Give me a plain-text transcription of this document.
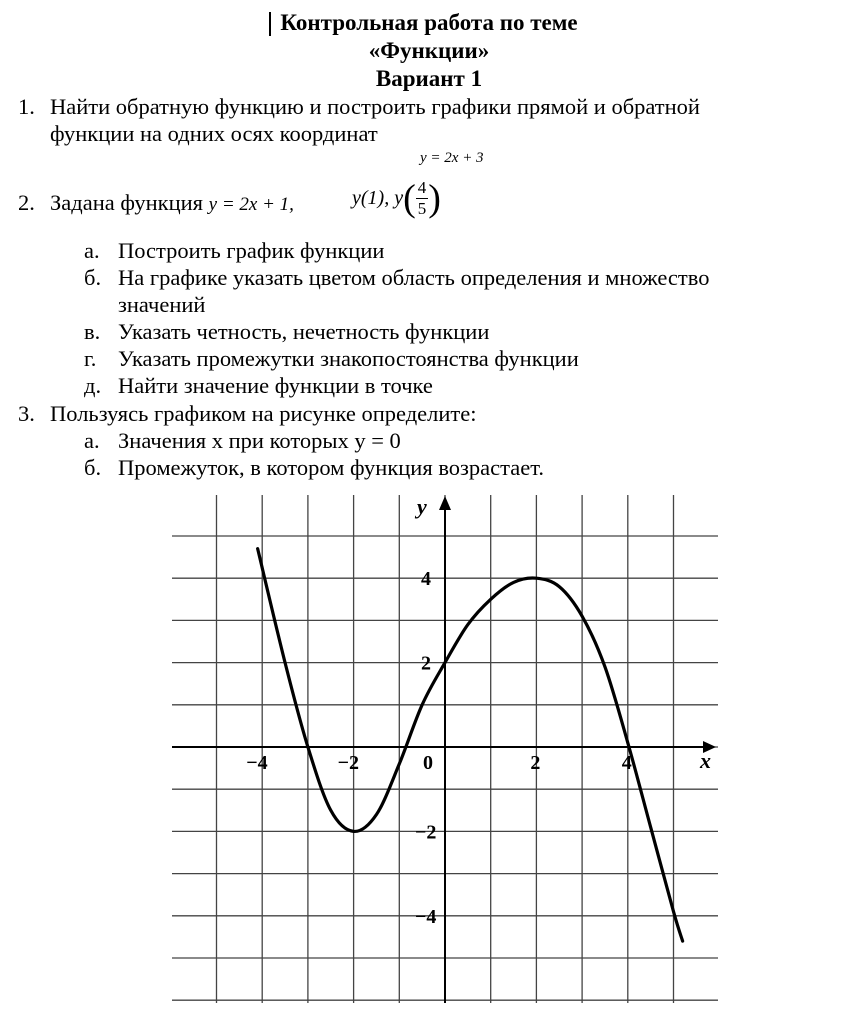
Контрольная работа по теме
«Функции»
Вариант 1
1. Найти обратную функцию и построить графики прямой и обратной
функции на одних осях координат
y = 2x + 3
2. Задана функция y = 2x + 1,	y(1), $y( \frac{4}{5}$ )
а. Построить график функции
б. На графике указать цветом область определения и множество
значений
в. Указать четность, нечетность функции
г. Указать промежутки знакопостоянства функции
д. Найти значение функции в точке
3. Пользуясь графиком на рисунке определите:
а. Значения x при которых y = 0
б. Промежуток, в котором функция возрастает.
x
y
−4	−2	0	2	4
4
2
−2
−4
